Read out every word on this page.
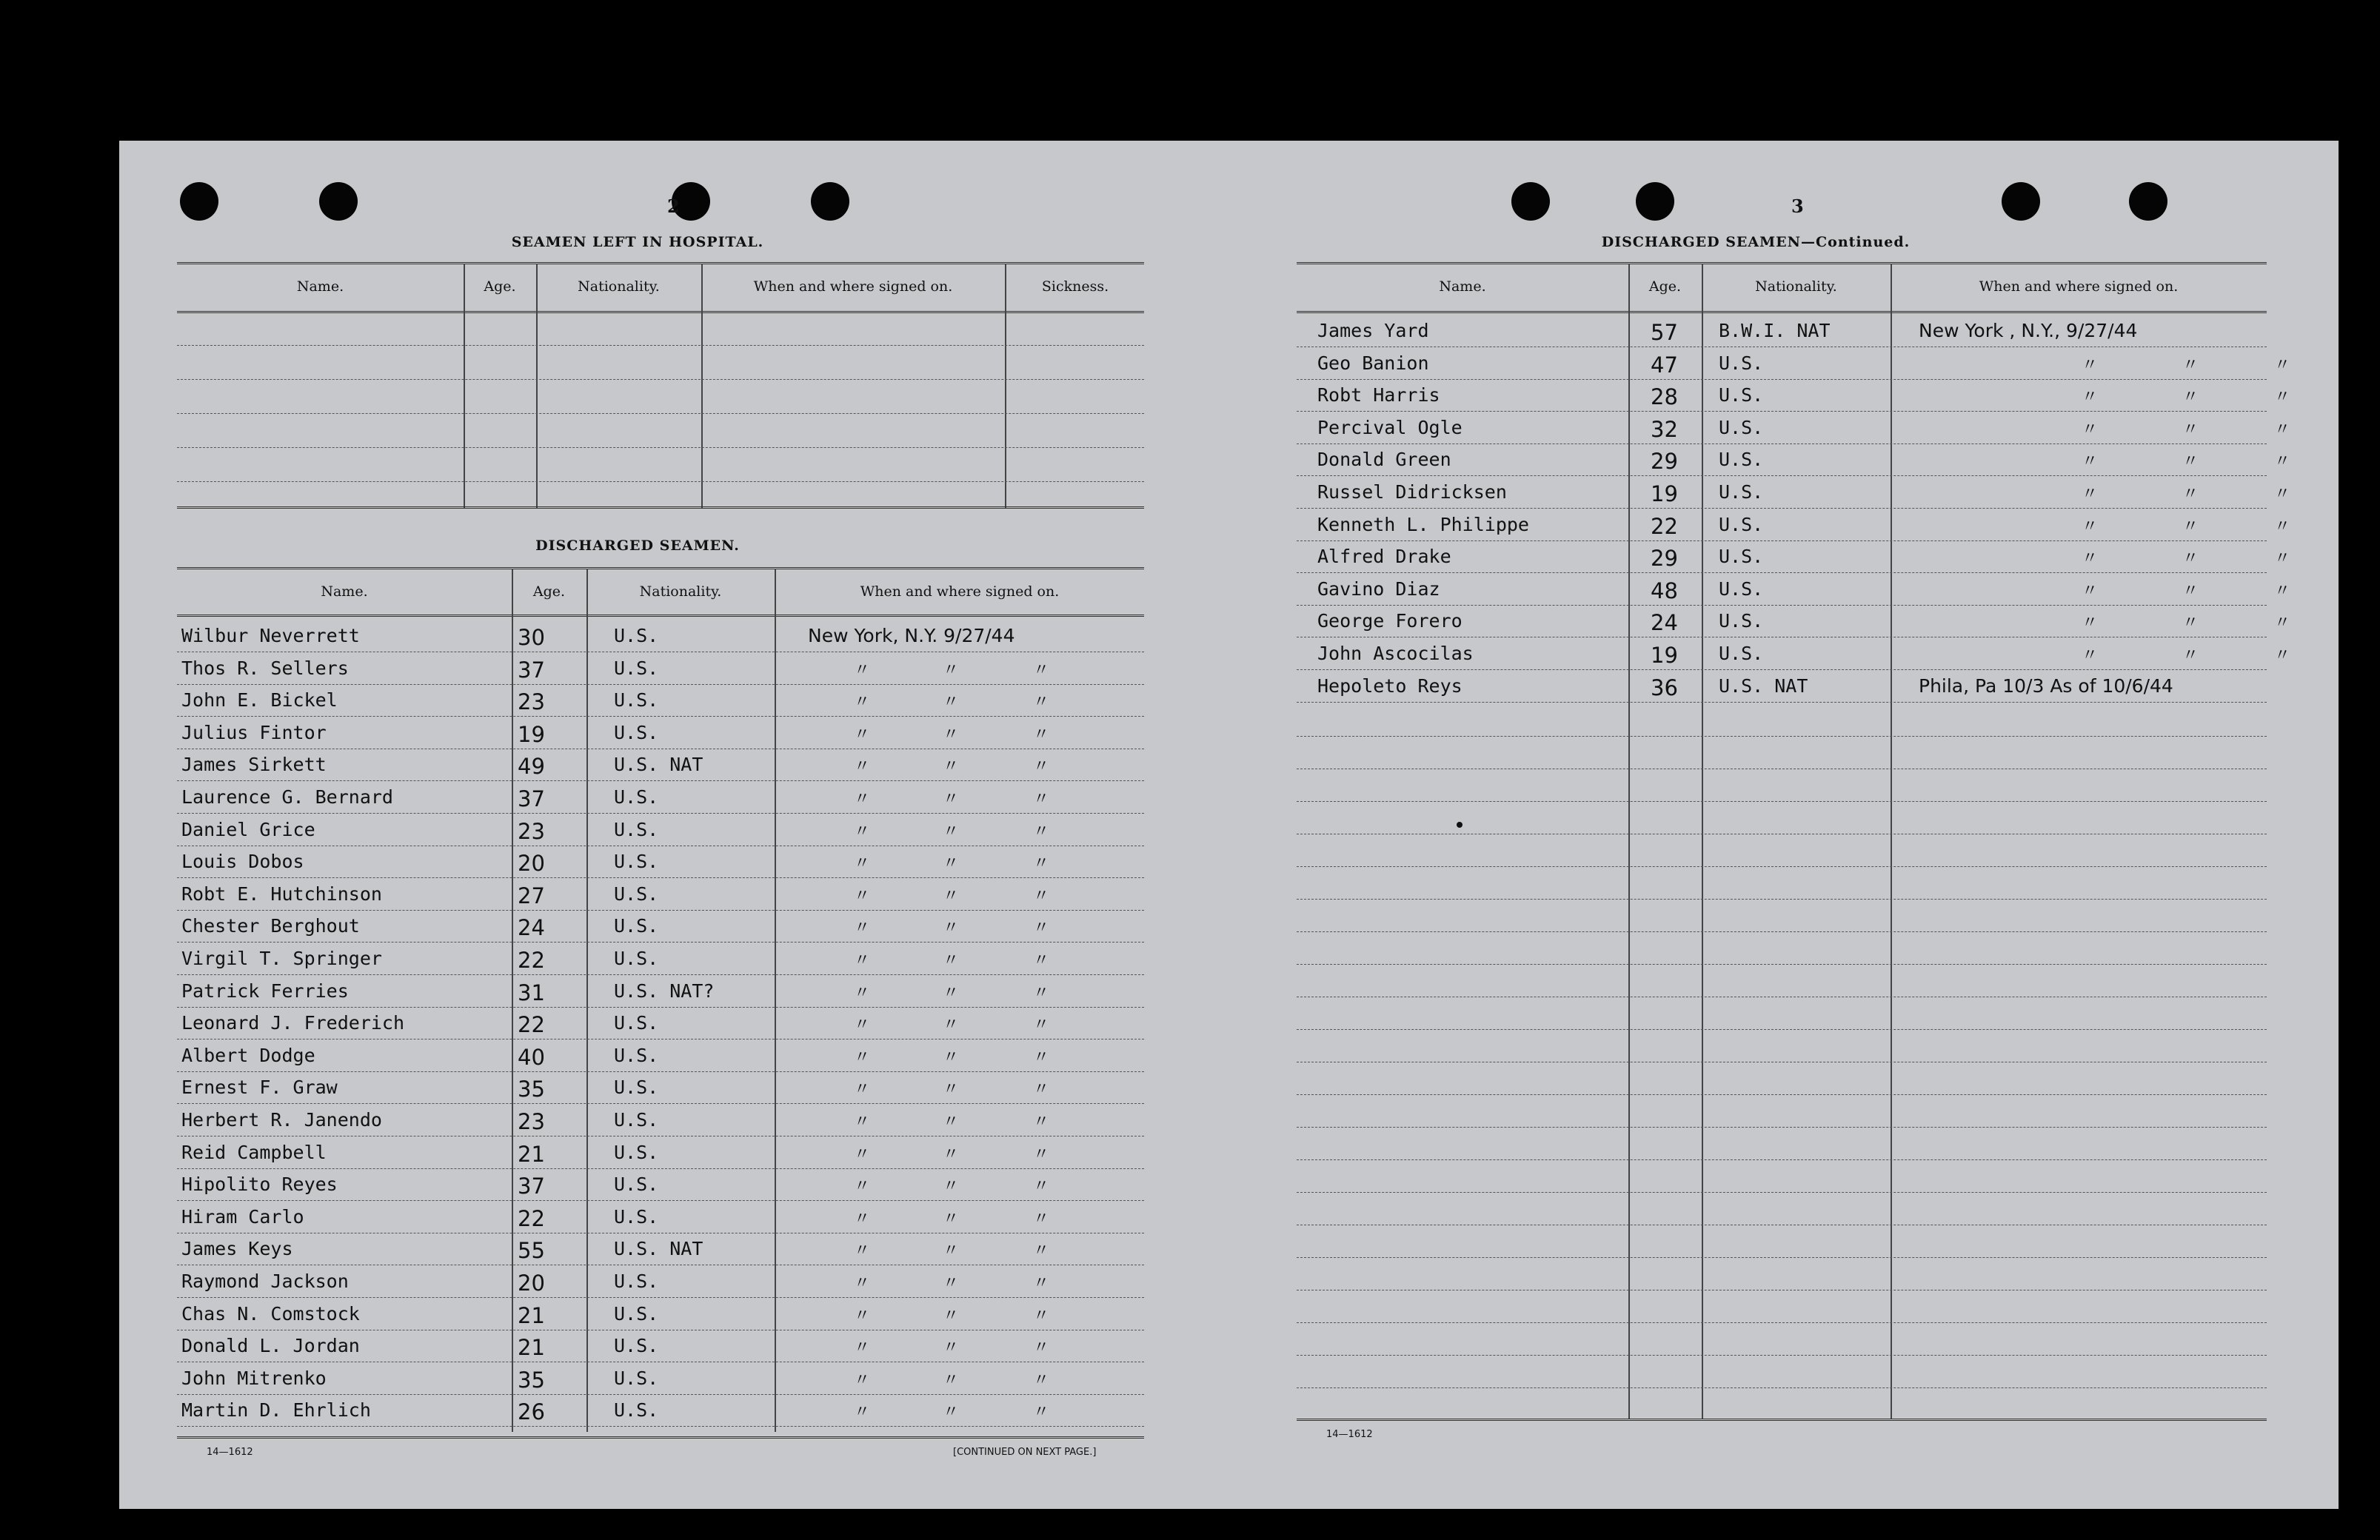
2
SEAMEN LEFT IN HOSPITAL.
Name.	Age.	Nationality.	When and where signed on.	Sickness.
DISCHARGED SEAMEN.
Name.	Age.	Nationality.	When and where signed on.
Wilbur Neverrett	30	U.S.	New York, N.Y. 9/27/44
Thos R. Sellers	37	U.S.	〃	〃	〃
John E. Bickel	23	U.S.	〃	〃	〃
Julius Fintor	19	U.S.	〃	〃	〃
James Sirkett	49	U.S. NAT	〃	〃	〃
Laurence G. Bernard	37	U.S.	〃	〃	〃
Daniel Grice	23	U.S.	〃	〃	〃
Louis Dobos	20	U.S.	〃	〃	〃
Robt E. Hutchinson	27	U.S.	〃	〃	〃
Chester Berghout	24	U.S.	〃	〃	〃
Virgil T. Springer	22	U.S.	〃	〃	〃
Patrick Ferries	31	U.S. NAT?	〃	〃	〃
Leonard J. Frederich	22	U.S.	〃	〃	〃
Albert Dodge	40	U.S.	〃	〃	〃
Ernest F. Graw	35	U.S.	〃	〃	〃
Herbert R. Janendo	23	U.S.	〃	〃	〃
Reid Campbell	21	U.S.	〃	〃	〃
Hipolito Reyes	37	U.S.	〃	〃	〃
Hiram Carlo	22	U.S.	〃	〃	〃
James Keys	55	U.S. NAT	〃	〃	〃
Raymond Jackson	20	U.S.	〃	〃	〃
Chas N. Comstock	21	U.S.	〃	〃	〃
Donald L. Jordan	21	U.S.	〃	〃	〃
John Mitrenko	35	U.S.	〃	〃	〃
Martin D. Ehrlich	26	U.S.	〃	〃	〃
14—1612	[CONTINUED ON NEXT PAGE.]
3
DISCHARGED SEAMEN—Continued.
Name.	Age.	Nationality.	When and where signed on.
James Yard	57 B.W.I. NAT	New York , N.Y., 9/27/44
Geo Banion	47 U.S.	〃	〃	〃
Robt Harris	28 U.S.	〃	〃	〃
Percival Ogle	32 U.S.	〃	〃	〃
Donald Green	29 U.S.	〃	〃	〃
Russel Didricksen	19 U.S.	〃	〃	〃
Kenneth L. Philippe	22 U.S.	〃	〃	〃
Alfred Drake	29 U.S.	〃	〃	〃
Gavino Diaz	48 U.S.	〃	〃	〃
George Forero	24 U.S.	〃	〃	〃
John Ascocilas	19 U.S.	〃	〃	〃
Hepoleto Reys	36 U.S. NAT	Phila, Pa 10/3 As of 10/6/44
14—1612
